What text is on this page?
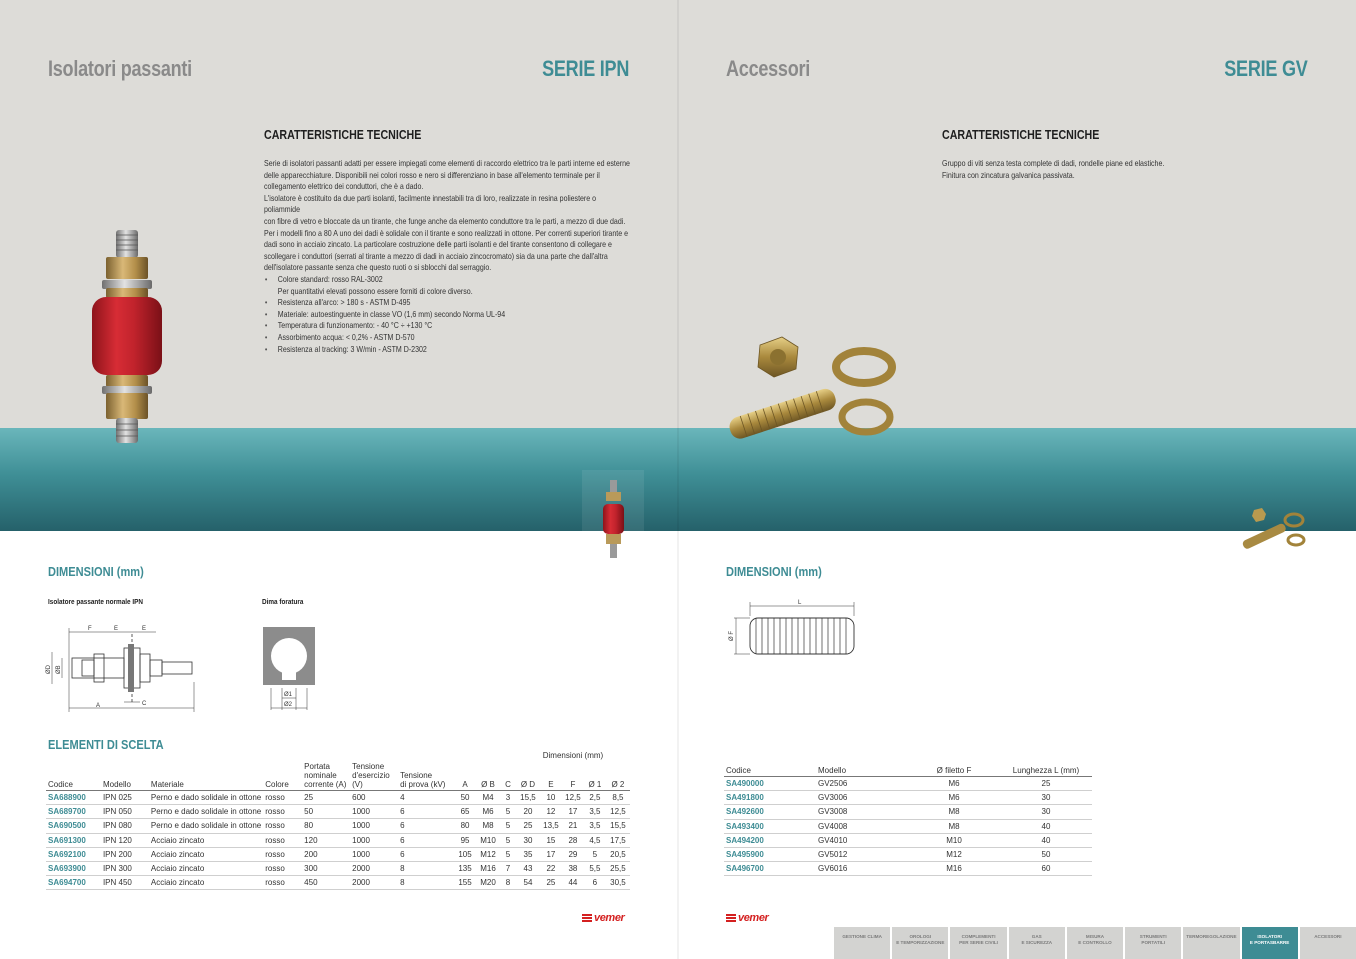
Isolatori passanti	SERIE IPN
CARATTERISTICHE TECNICHE
Serie di isolatori passanti adatti per essere impiegati come elementi di raccordo elettrico tra le parti interne ed esterne
delle apparecchiature. Disponibili nei colori rosso e nero si differenziano in base all'elemento terminale per il
collegamento elettrico dei conduttori, che è a dado.
L'isolatore è costituito da due parti isolanti, facilmente innestabili tra di loro, realizzate in resina poliestere o poliammide
con fibre di vetro e bloccate da un tirante, che funge anche da elemento conduttore tra le parti, a mezzo di due dadi.
Per i modelli fino a 80 A uno dei dadi è solidale con il tirante e sono realizzati in ottone. Per correnti superiori tirante e
dadi sono in acciaio zincato. La particolare costruzione delle parti isolanti e del tirante consentono di collegare e
scollegare i conduttori (serrati al tirante a mezzo di dadi in acciaio zincocromato) sia da una parte che dall'altra
dell'isolatore passante senza che questo ruoti o si sblocchi dal serraggio.
• Colore standard: rosso RAL-3002
Per quantitativi elevati possono essere forniti di colore diverso.
• Resistenza all'arco: > 180 s - ASTM D-495
• Materiale: autoestinguente in classe VO (1,6 mm) secondo Norma UL-94
• Temperatura di funzionamento: - 40 °C ÷ +130 °C
• Assorbimento acqua: < 0,2% - ASTM D-570
• Resistenza al tracking: 3 W/min - ASTM D-2302
DIMENSIONI (mm)
Isolatore passante normale IPN	Dima foratura
F	E	E
A	C
ØD ØB
Ø1
Ø2
ELEMENTI DI SCELTA
										Dimensioni (mm)				
Codice	Modello	Materiale	Colore	Portata
nominale
corrente (A)	Tensione
d'esercizio
(V)	Tensione
di prova (kV)	A	Ø B	C	Ø D	E	F	Ø 1	Ø 2
SA688900	IPN 025	Perno e dado solidale in ottone	rosso	25	600	4	50	M4	3	15,5	10	12,5	2,5	8,5
SA689700	IPN 050	Perno e dado solidale in ottone	rosso	50	1000	6	65	M6	5	20	12	17	3,5	12,5
SA690500	IPN 080	Perno e dado solidale in ottone	rosso	80	1000	6	80	M8	5	25	13,5	21	3,5	15,5
SA691300	IPN 120	Acciaio zincato	rosso	120	1000	6	95	M10	5	30	15	28	4,5	17,5
SA692100	IPN 200	Acciaio zincato	rosso	200	1000	6	105	M12	5	35	17	29	5	20,5
SA693900	IPN 300	Acciaio zincato	rosso	300	2000	8	135	M16	7	43	22	38	5,5	25,5
SA694700	IPN 450	Acciaio zincato	rosso	450	2000	8	155	M20	8	54	25	44	6	30,5
vemer
Accessori	SERIE GV
CARATTERISTICHE TECNICHE
Gruppo di viti senza testa complete di dadi, rondelle piane ed elastiche.
Finitura con zincatura galvanica passivata.
DIMENSIONI (mm)
L
Ø F
Codice	Modello	Ø filetto F	Lunghezza L (mm)
SA490000	GV2506	M6	25
SA491800	GV3006	M6	30
SA492600	GV3008	M8	30
SA493400	GV4008	M8	40
SA494200	GV4010	M10	40
SA495900	GV5012	M12	50
SA496700	GV6016	M16	60
vemer
GESTIONE CLIMA	OROLOGI
E TEMPORIZZAZIONE
COMPLEMENTI
PER SERIE CIVILI
GAS
E SICUREZZA
MISURA
E CONTROLLO
STRUMENTI
PORTATILI
TERMOREGOLAZIONE	ISOLATORI
E PORTASBARRE
ACCESSORI
